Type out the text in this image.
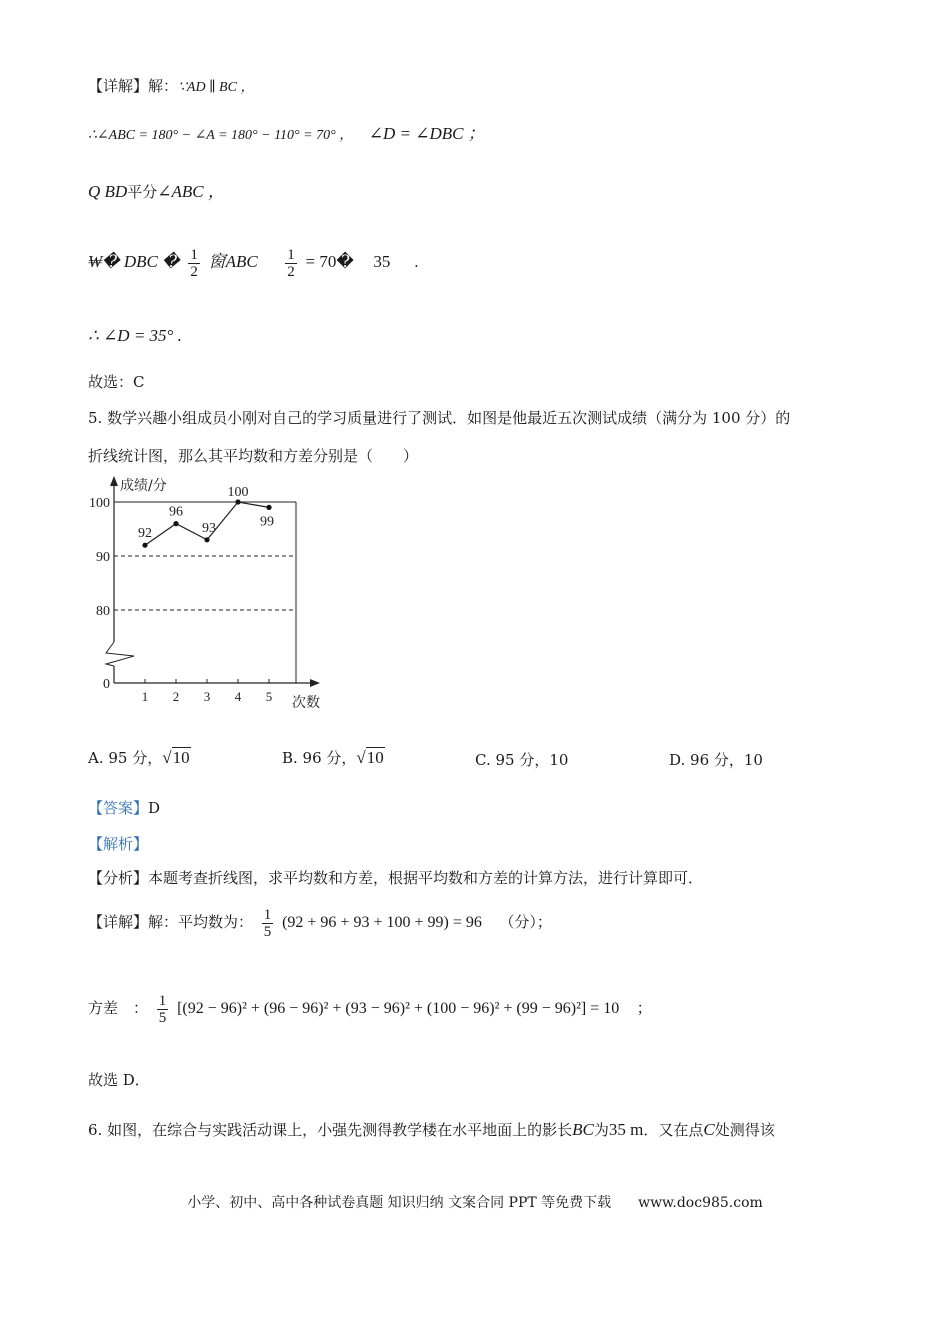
【详解】解：∵AD ∥ BC ，
∴∠ABC = 180° − ∠A = 180° − 110° = 70° ， ∠D = ∠DBC ；
Q BD平分∠ABC ，
₩� DBC � $\frac{1}{2}$ 窗ABC $\frac{1}{2}$ = 70� 35 .
∴ ∠D = 35° .
故选：C
5. 数学兴趣小组成员小刚对自己的学习质量进行了测试．如图是他最近五次测试成绩（满分为 100 分）的
折线统计图，那么其平均数和方差分别是（　　）
0
80
90
100
1 2 3 4 5
成绩/分
次数
92
96
93
100
99
A. 95 分，√10	B. 96 分，√10	C. 95 分，10	D. 96 分，10
【答案】D
【解析】
【分析】本题考查折线图，求平均数和方差，根据平均数和方差的计算方法，进行计算即可．
【详解】解：平均数为： $\frac{1}{5} (92 + 96 + 93 + 100 + 99) = 96$ （分）；
方差　： $\frac{1}{5} [(92 - 96)^2 + (96 - 96)^2 + (93 - 96)^2 + (100 - 96)^2 + (99 - 96)^2] = 10$ ；
故选 D．
6. 如图，在综合与实践活动课上，小强先测得教学楼在水平地面上的影长BC为35 m．又在点C处测得该
小学、初中、高中各种试卷真题 知识归纳 文案合同 PPT 等免费下载 www.doc985.com
